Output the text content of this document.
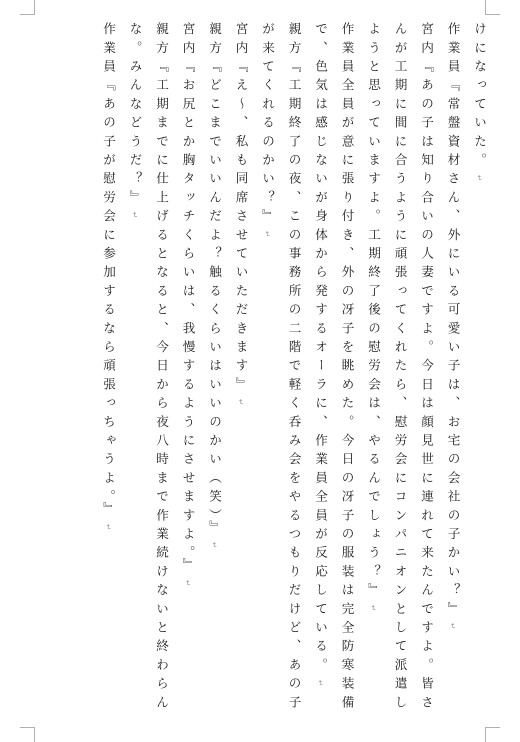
けになっていた。↵

作業員『常盤資材さん、外にいる可愛い子は、お宅の会社の子かい？』↵

宮内『あの子は知り合いの人妻ですよ。今日は顔見世に連れて来たんですよ。皆さんが工期に間に合うように頑張ってくれたら、慰労会にコンパニオンとして派遣しようと思っていますよ。工期終了後の慰労会は、やるんでしょう？』↵

作業員全員が意に張り付き、外の冴子を眺めた。今日の冴子の服装は完全防寒装備で、色気は感じないが身体から発するオーラに、作業員全員が反応している。↵

親方『工期終了の夜、この事務所の二階で軽く呑み会をやるつもりだけど、あの子が来てくれるのかい？』↵

宮内『え〜、私も同席させていただきます』↵

親方『どこまでいいんだよ？触るくらいはいいのかい（笑）』↵

宮内『お尻とか胸タッチくらいは、我慢するようにさせますよ。』↵

親方『工期までに仕上げるとなると、今日から夜八時まで作業続けないと終わらんな。みんなどうだ？』↵

作業員『あの子が慰労会に参加するなら頑張っちゃうよ。』↵
